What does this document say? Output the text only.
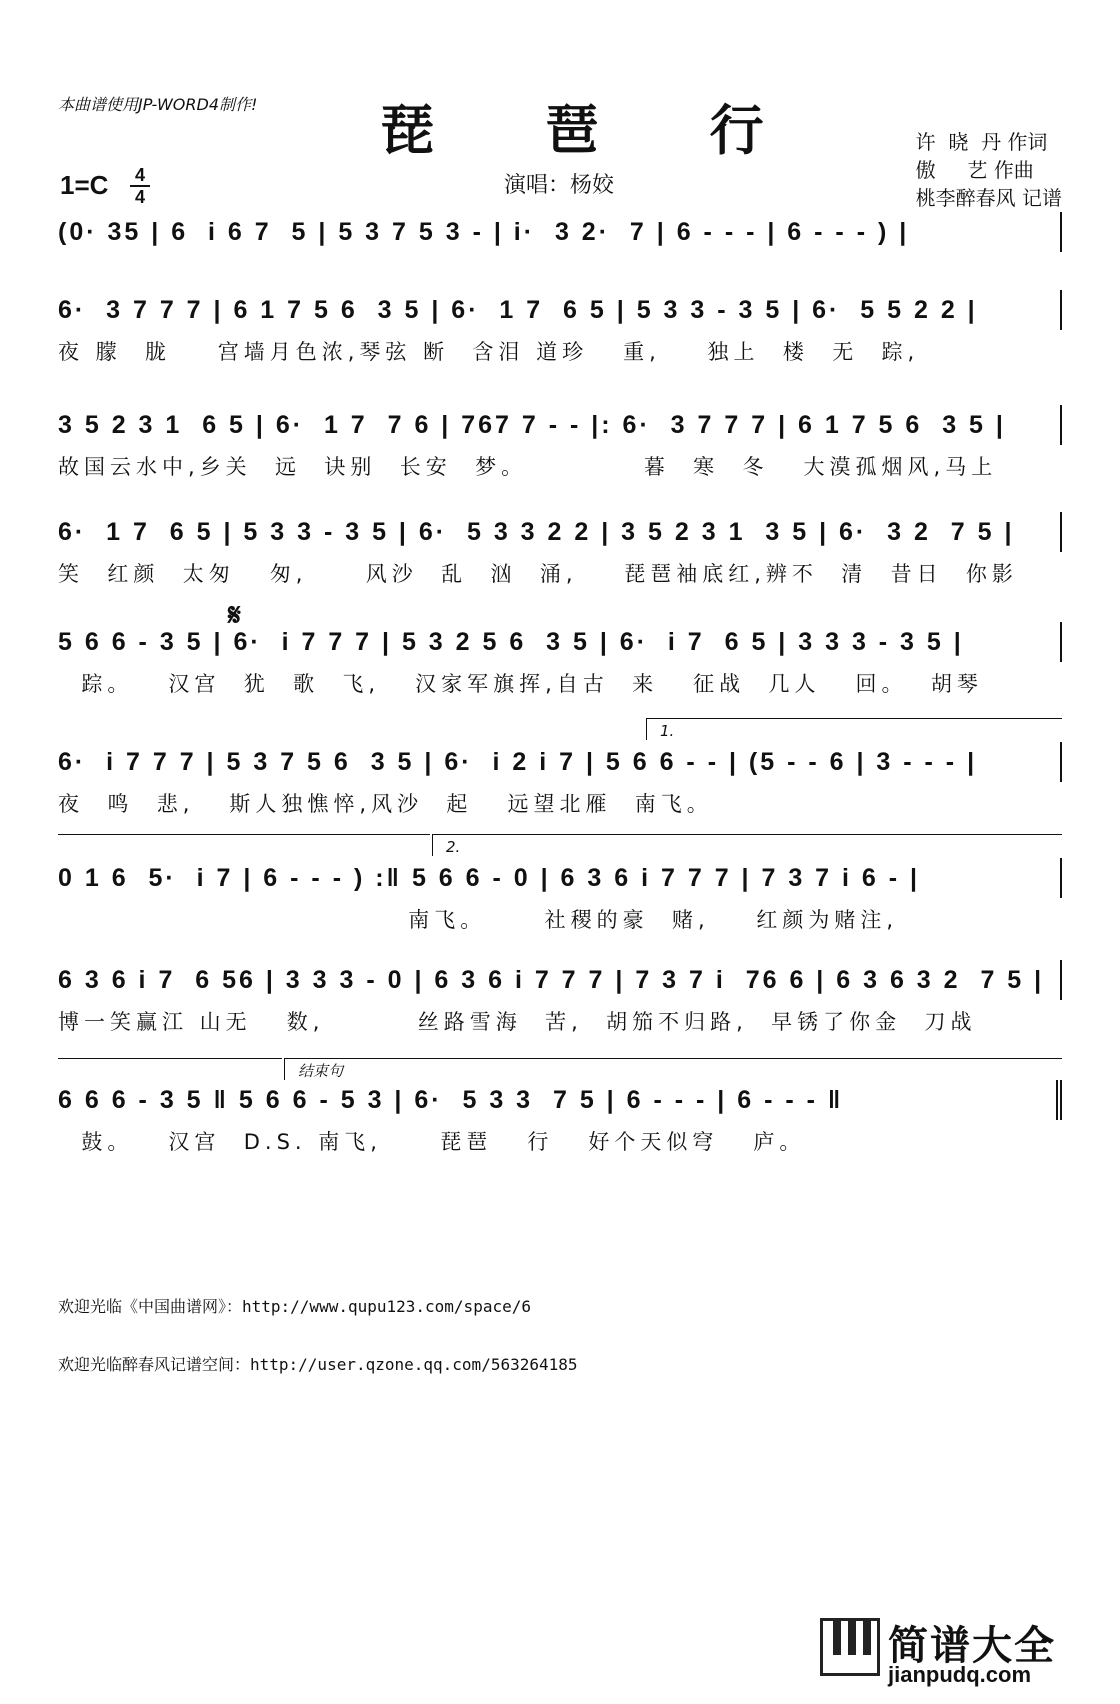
本曲谱使用JP-WORD4制作! 琵 琶 行
1=C 4
4	演唱：杨姣
许  晓  丹 作词
傲     艺 作曲
桃李醉春风 记谱
(0· 35 | 6  i 6 7  5 | 5 3 7 5 3 - | i·  3 2·  7 | 6 - - - | 6 - - - ) |
6·  3 7 7 7 | 6 1 7 5 6  3 5 | 6·  1 7  6 5 | 5 3 3 - 3 5 | 6·  5 5 2 2 |
夜 朦  胧    宫墙月色浓,琴弦 断  含泪 道珍   重,    独上  楼  无  踪,
3 5 2 3 1  6 5 | 6·  1 7  7 6 | 767 7 - - |: 6·  3 7 7 7 | 6 1 7 5 6  3 5 |
故国云水中,乡关  远  诀别  长安  梦。          暮  寒  冬   大漠孤烟风,马上
6·  1 7  6 5 | 5 3 3 - 3 5 | 6·  5 3 3 2 2 | 3 5 2 3 1  3 5 | 6·  3 2  7 5 |
笑  红颜  太匆   匆,     风沙  乱  汹  涌,    琵琶袖底红,辨不  清  昔日  你影
𝄋
5 6 6 - 3 5 | 6·  i 7 7 7 | 5 3 2 5 6  3 5 | 6·  i 7  6 5 | 3 3 3 - 3 5 |
踪。   汉宫  犹  歌  飞,   汉家军旗挥,自古  来   征战  几人   回。  胡琴
1.
6·  i 7 7 7 | 5 3 7 5 6  3 5 | 6·  i 2 i 7 | 5 6 6 - - | (5 - - 6 | 3 - - - |
夜  鸣  悲,   斯人独憔悴,风沙  起   远望北雁  南飞。
2.
0 1 6  5·  i 7 | 6 - - - ) :‖ 5 6 6 - 0 | 6 3 6 i 7 7 7 | 7 3 7 i 6 - |
南飞。     社稷的豪  赌,    红颜为赌注,
6 3 6 i 7  6 56 | 3 3 3 - 0 | 6 3 6 i 7 7 7 | 7 3 7 i  76 6 | 6 3 6 3 2  7 5 |
博一笑赢江 山无   数,        丝路雪海  苦,  胡笳不归路,  早锈了你金  刀战
结束句
6 6 6 - 3 5 ‖ 5 6 6 - 5 3 | 6·  5 3 3  7 5 | 6 - - - | 6 - - - ‖
鼓。   汉宫  D.S. 南飞,     琵琶   行   好个天似穹   庐。
欢迎光临《中国曲谱网》：http://www.qupu123.com/space/6
欢迎光临醉春风记谱空间：http://user.qzone.qq.com/563264185
简谱大全
jianpudq.com
